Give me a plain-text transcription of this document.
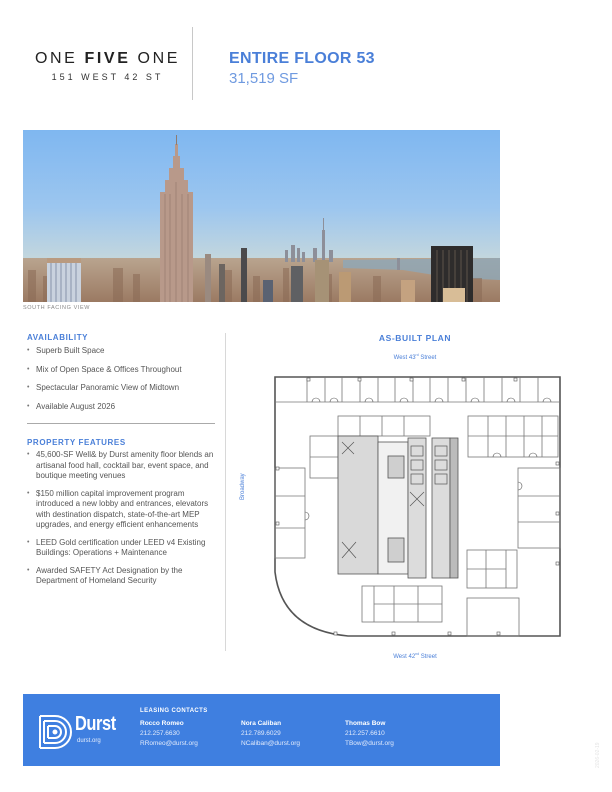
ONE FIVE ONE
151 WEST 42 ST
ENTIRE FLOOR 53
31,519 SF
SOUTH FACING VIEW
AVAILABILITY
• Superb Built Space
• Mix of Open Space & Offices Throughout
• Spectacular Panoramic View of Midtown
• Available August 2026
PROPERTY FEATURES
• 45,600-SF Well& by Durst amenity floor blends an artisanal food hall, cocktail bar, event space, and boutique meeting venues
• $150 million capital improvement program introduced a new lobby and entrances, elevators with destination dispatch, state-of-the-art MEP upgrades, and energy efficient enhancements
• LEED Gold certification under LEED v4 Existing Buildings: Operations + Maintenance
• Awarded SAFETY Act Designation by the Department of Homeland Security
AS-BUILT PLAN
West 43rd Street
Broadway
West 42nd Street
Durst
durst.org
LEASING CONTACTS
Rocco Romeo
212.257.6630
RRomeo@durst.org
Nora Caliban
212.789.6029
NCaliban@durst.org
Thomas Bow
212.257.6610
TBow@durst.org	2026-02-19
